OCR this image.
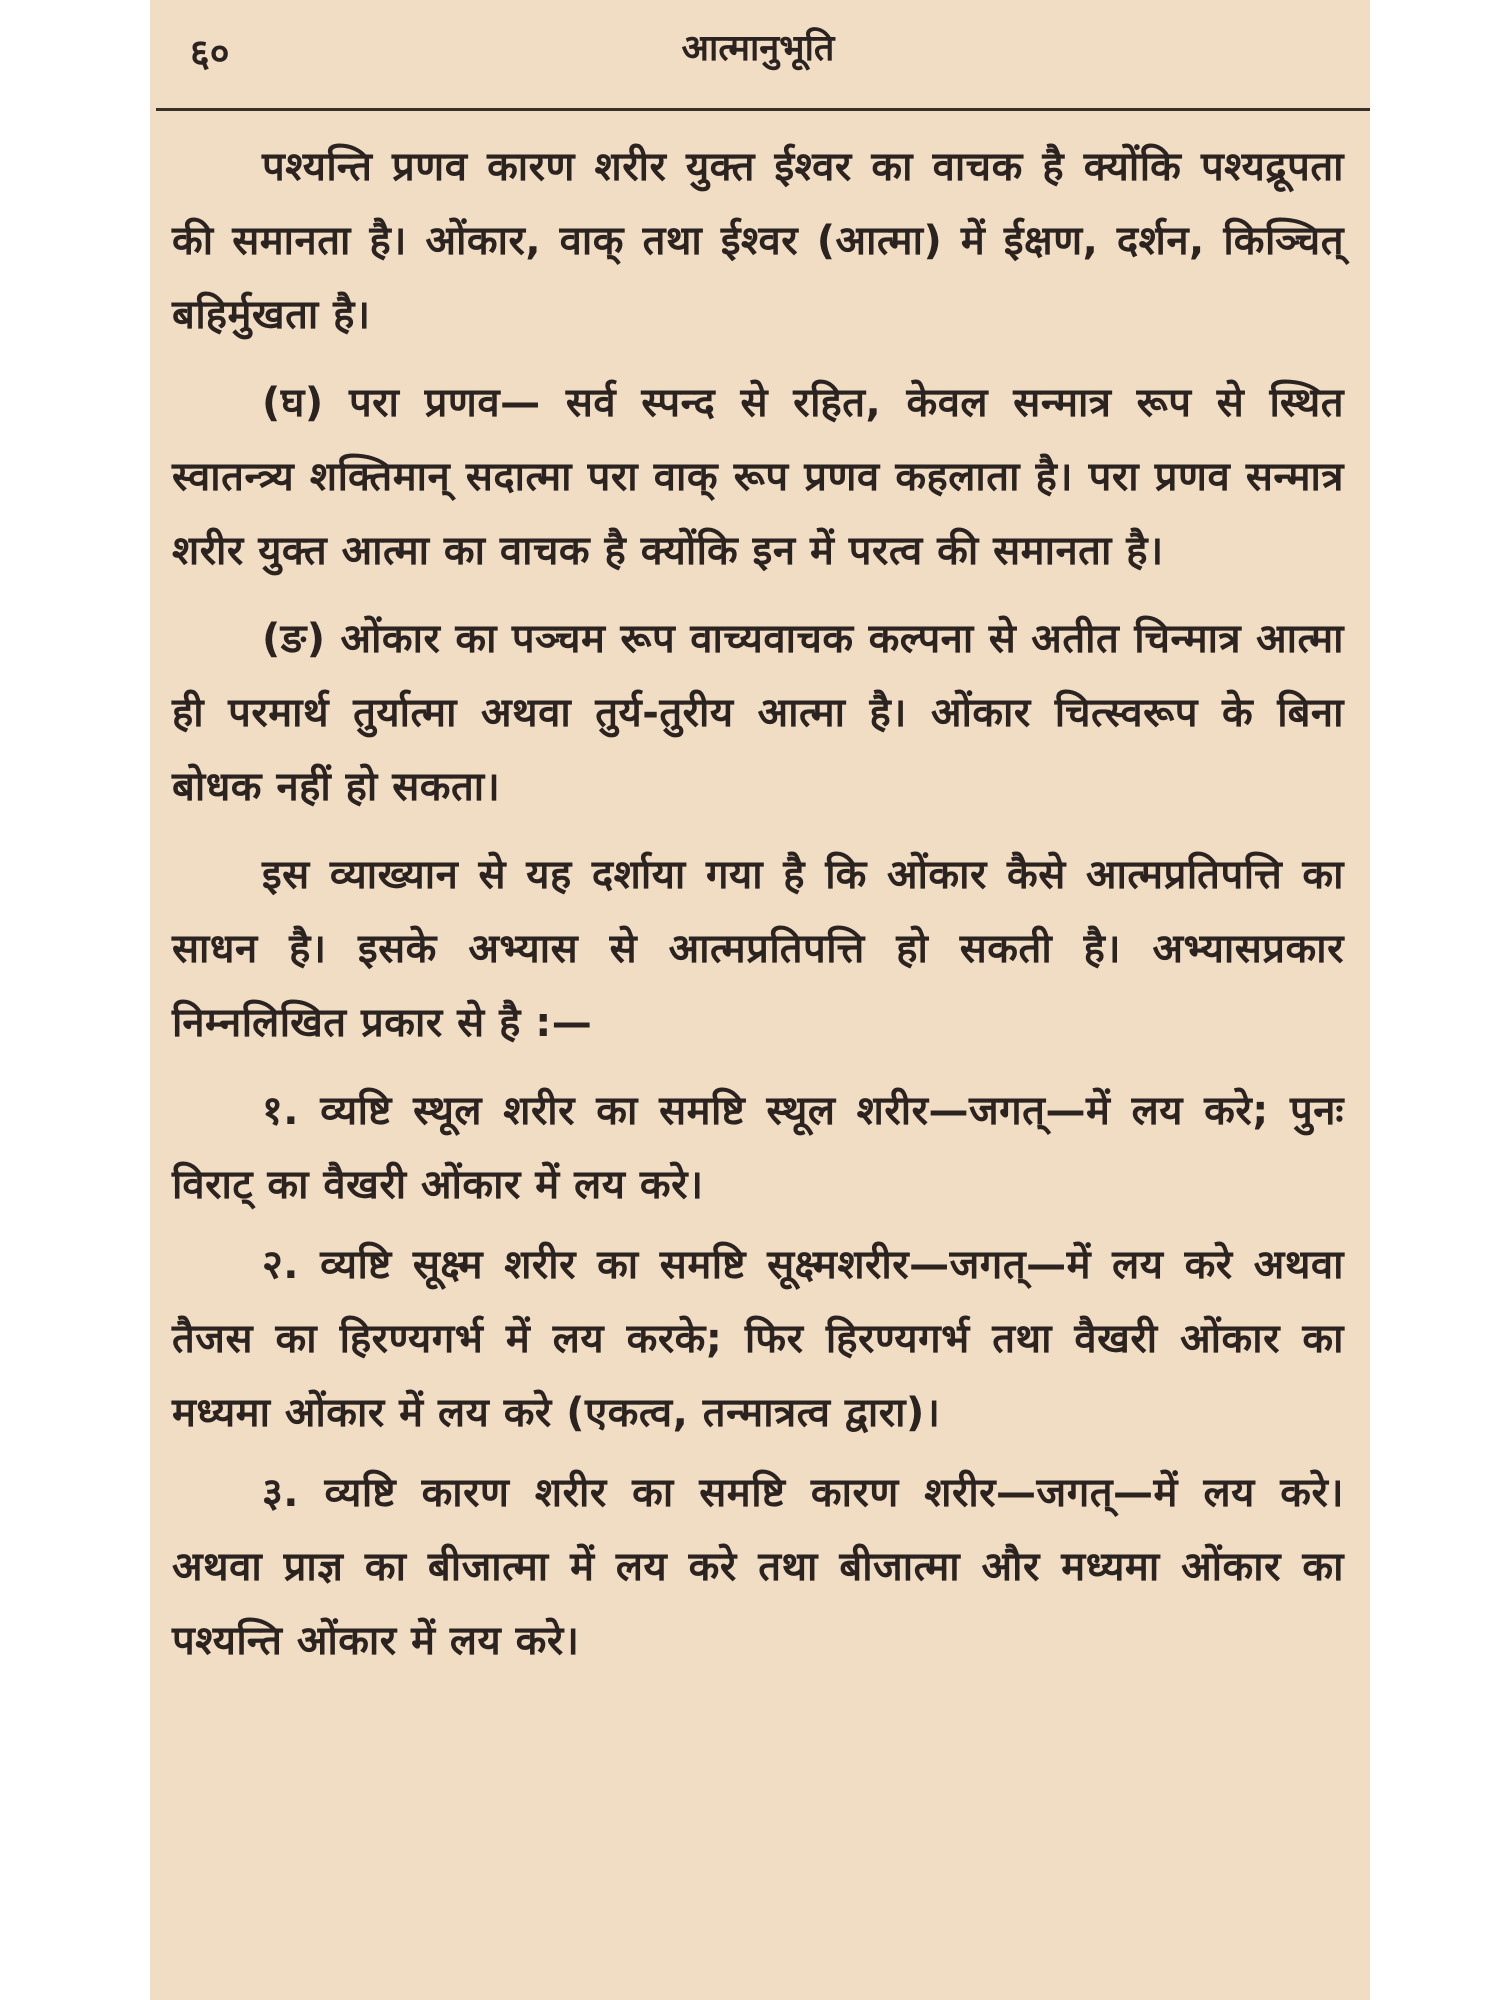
६०	आत्मानुभूति

पश्यन्ति प्रणव कारण शरीर युक्त ईश्वर का वाचक है क्योंकि पश्यद्रूपता की समानता है। ओंकार, वाक् तथा ईश्वर (आत्मा) में ईक्षण, दर्शन, किञ्चित् बहिर्मुखता है।

(घ) परा प्रणव— सर्व स्पन्द से रहित, केवल सन्मात्र रूप से स्थित स्वातन्त्र्य शक्तिमान् सदात्मा परा वाक् रूप प्रणव कहलाता है। परा प्रणव सन्मात्र शरीर युक्त आत्मा का वाचक है क्योंकि इन में परत्व की समानता है।

(ङ) ओंकार का पञ्चम रूप वाच्यवाचक कल्पना से अतीत चिन्मात्र आत्मा ही परमार्थ तुर्यात्मा अथवा तुर्य-तुरीय आत्मा है। ओंकार चित्स्वरूप के बिना बोधक नहीं हो सकता।

इस व्याख्यान से यह दर्शाया गया है कि ओंकार कैसे आत्मप्रतिपत्ति का साधन है। इसके अभ्यास से आत्मप्रतिपत्ति हो सकती है। अभ्यासप्रकार निम्नलिखित प्रकार से है :—

१. व्यष्टि स्थूल शरीर का समष्टि स्थूल शरीर—जगत्—में लय करे; पुनः विराट् का वैखरी ओंकार में लय करे।

२. व्यष्टि सूक्ष्म शरीर का समष्टि सूक्ष्मशरीर—जगत्—में लय करे अथवा तैजस का हिरण्यगर्भ में लय करके; फिर हिरण्यगर्भ तथा वैखरी ओंकार का मध्यमा ओंकार में लय करे (एकत्व, तन्मात्रत्व द्वारा)।

३. व्यष्टि कारण शरीर का समष्टि कारण शरीर—जगत्—में लय करे। अथवा प्राज्ञ का बीजात्मा में लय करे तथा बीजात्मा और मध्यमा ओंकार का पश्यन्ति ओंकार में लय करे।
